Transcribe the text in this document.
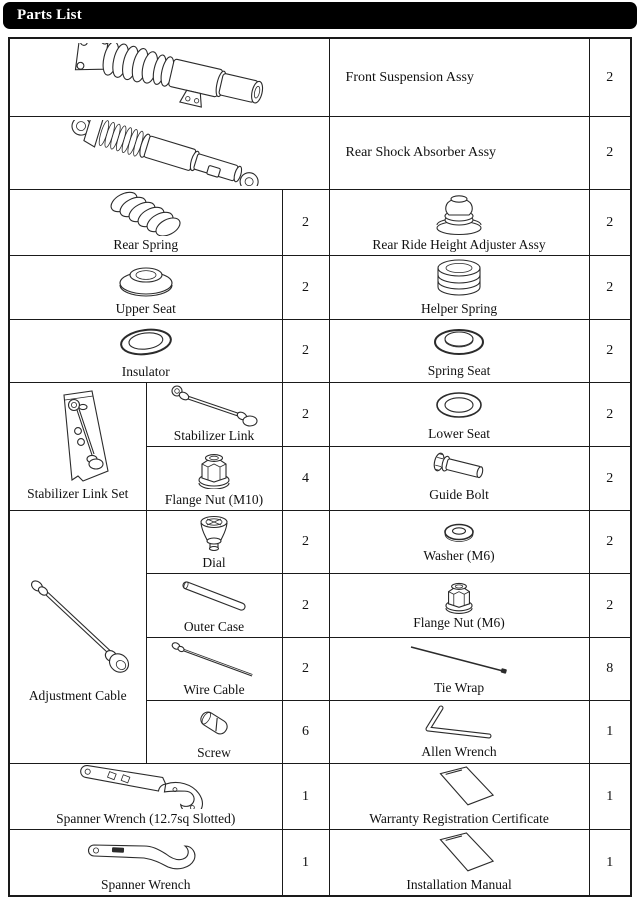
Parts List
	Front Suspension Assy	2

	Rear Shock Absorber Assy	2

Rear Spring		2	Rear Ride Height Adjuster Assy	2

Upper Seat		2	Helper Spring	2

Insulator		2	Spring Seat	2

Stabilizer Link Set	Stabilizer Link	2	Lower Seat	2

	Flange Nut (M10)	4	Guide Bolt	2

Adjustment Cable	Dial	2	Washer (M6)	2

	Outer Case	2	Flange Nut (M6)	2

	Wire Cable	2	Tie Wrap	8

	Screw	6	Allen Wrench	1

Spanner Wrench (12.7sq Slotted)		1	Warranty Registration Certificate	1

Spanner Wrench		1	Installation Manual	1
